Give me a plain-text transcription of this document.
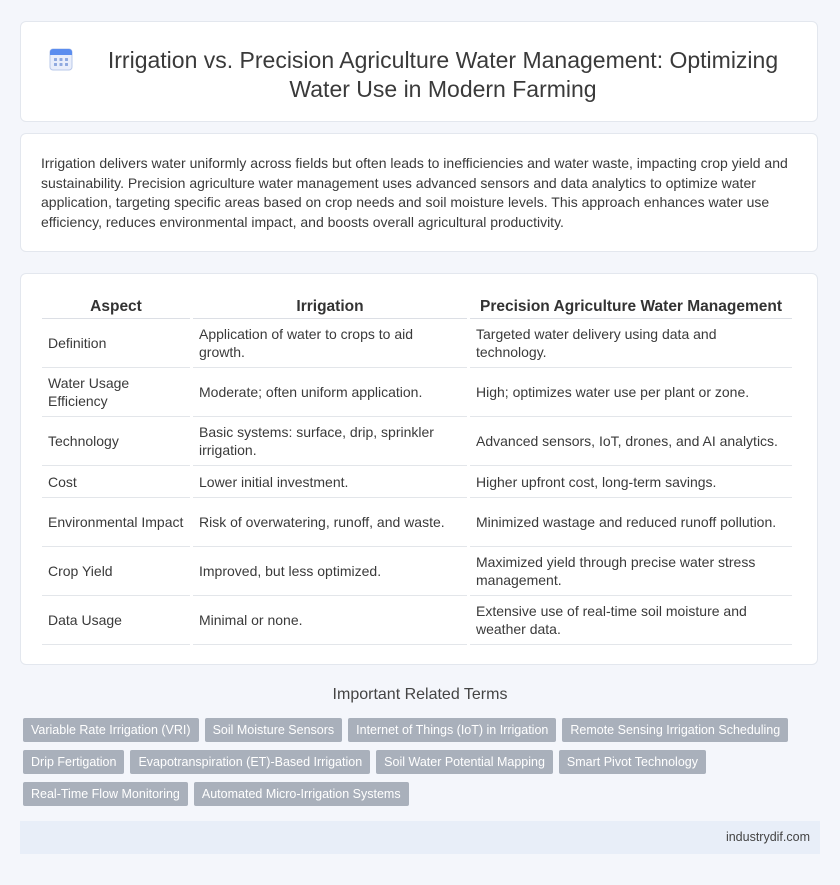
Irrigation vs. Precision Agriculture Water Management: Optimizing Water Use in Modern Farming

Irrigation delivers water uniformly across fields but often leads to inefficiencies and water waste, impacting crop yield and sustainability. Precision agriculture water management uses advanced sensors and data analytics to optimize water application, targeting specific areas based on crop needs and soil moisture levels. This approach enhances water use efficiency, reduces environmental impact, and boosts overall agricultural productivity.

Aspect	Irrigation	Precision Agriculture Water Management
Definition	Application of water to crops to aid growth.	Targeted water delivery using data and technology.
Water Usage Efficiency	Moderate; often uniform application.	High; optimizes water use per plant or zone.
Technology	Basic systems: surface, drip, sprinkler irrigation.	Advanced sensors, IoT, drones, and AI analytics.
Cost	Lower initial investment.	Higher upfront cost, long-term savings.
Environmental Impact	Risk of overwatering, runoff, and waste.	Minimized wastage and reduced runoff pollution.
Crop Yield	Improved, but less optimized.	Maximized yield through precise water stress management.
Data Usage	Minimal or none.	Extensive use of real-time soil moisture and weather data.
Important Related Terms
Variable Rate Irrigation (VRI)	Soil Moisture Sensors	Internet of Things (IoT) in Irrigation	Remote Sensing Irrigation Scheduling
Drip Fertigation	Evapotranspiration (ET)-Based Irrigation	Soil Water Potential Mapping	Smart Pivot Technology
Real-Time Flow Monitoring	Automated Micro-Irrigation Systems
industrydif.com
